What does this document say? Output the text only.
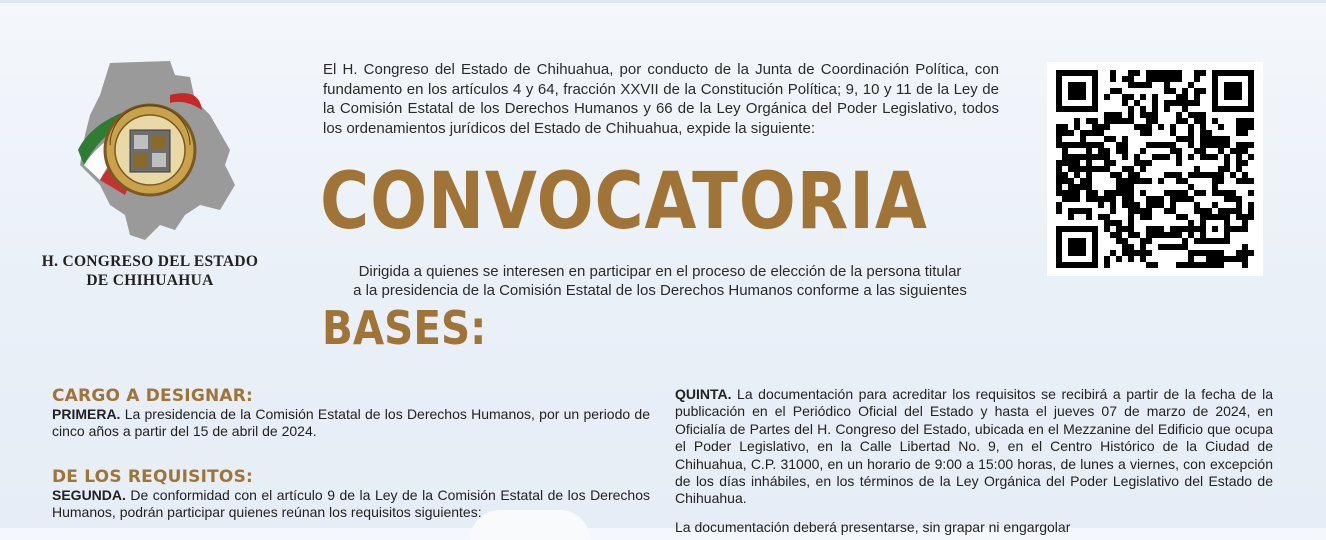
H. CONGRESO DEL ESTADO
DE CHIHUAHUA
El H. Congreso del Estado de Chihuahua, por conducto de la Junta de Coordinación Política, con fundamento en los artículos 4 y 64, fracción XXVII de la Constitución Política; 9, 10 y 11 de la Ley de la Comisión Estatal de los Derechos Humanos y 66 de la Ley Orgánica del Poder Legislativo, todos los ordenamientos jurídicos del Estado de Chihuahua, expide la siguiente:
CONVOCATORIA
Dirigida a quienes se interesen en participar en el proceso de elección de la persona titular
a la presidencia de la Comisión Estatal de los Derechos Humanos conforme a las siguientes
BASES:
CARGO A DESIGNAR:
PRIMERA. La presidencia de la Comisión Estatal de los Derechos Humanos, por un periodo de cinco años a partir del 15 de abril de 2024.
DE LOS REQUISITOS:
SEGUNDA. De conformidad con el artículo 9 de la Ley de la Comisión Estatal de los Derechos Humanos, podrán participar quienes reúnan los requisitos siguientes:
QUINTA. La documentación para acreditar los requisitos se recibirá a partir de la fecha de la publicación en el Periódico Oficial del Estado y hasta el jueves 07 de marzo de 2024, en Oficialía de Partes del H. Congreso del Estado, ubicada en el Mezzanine del Edificio que ocupa el Poder Legislativo, en la Calle Libertad No. 9, en el Centro Histórico de la Ciudad de Chihuahua, C.P. 31000, en un horario de 9:00 a 15:00 horas, de lunes a viernes, con excepción de los días inhábiles, en los términos de la Ley Orgánica del Poder Legislativo del Estado de Chihuahua.
La documentación deberá presentarse, sin grapar ni engargolar
